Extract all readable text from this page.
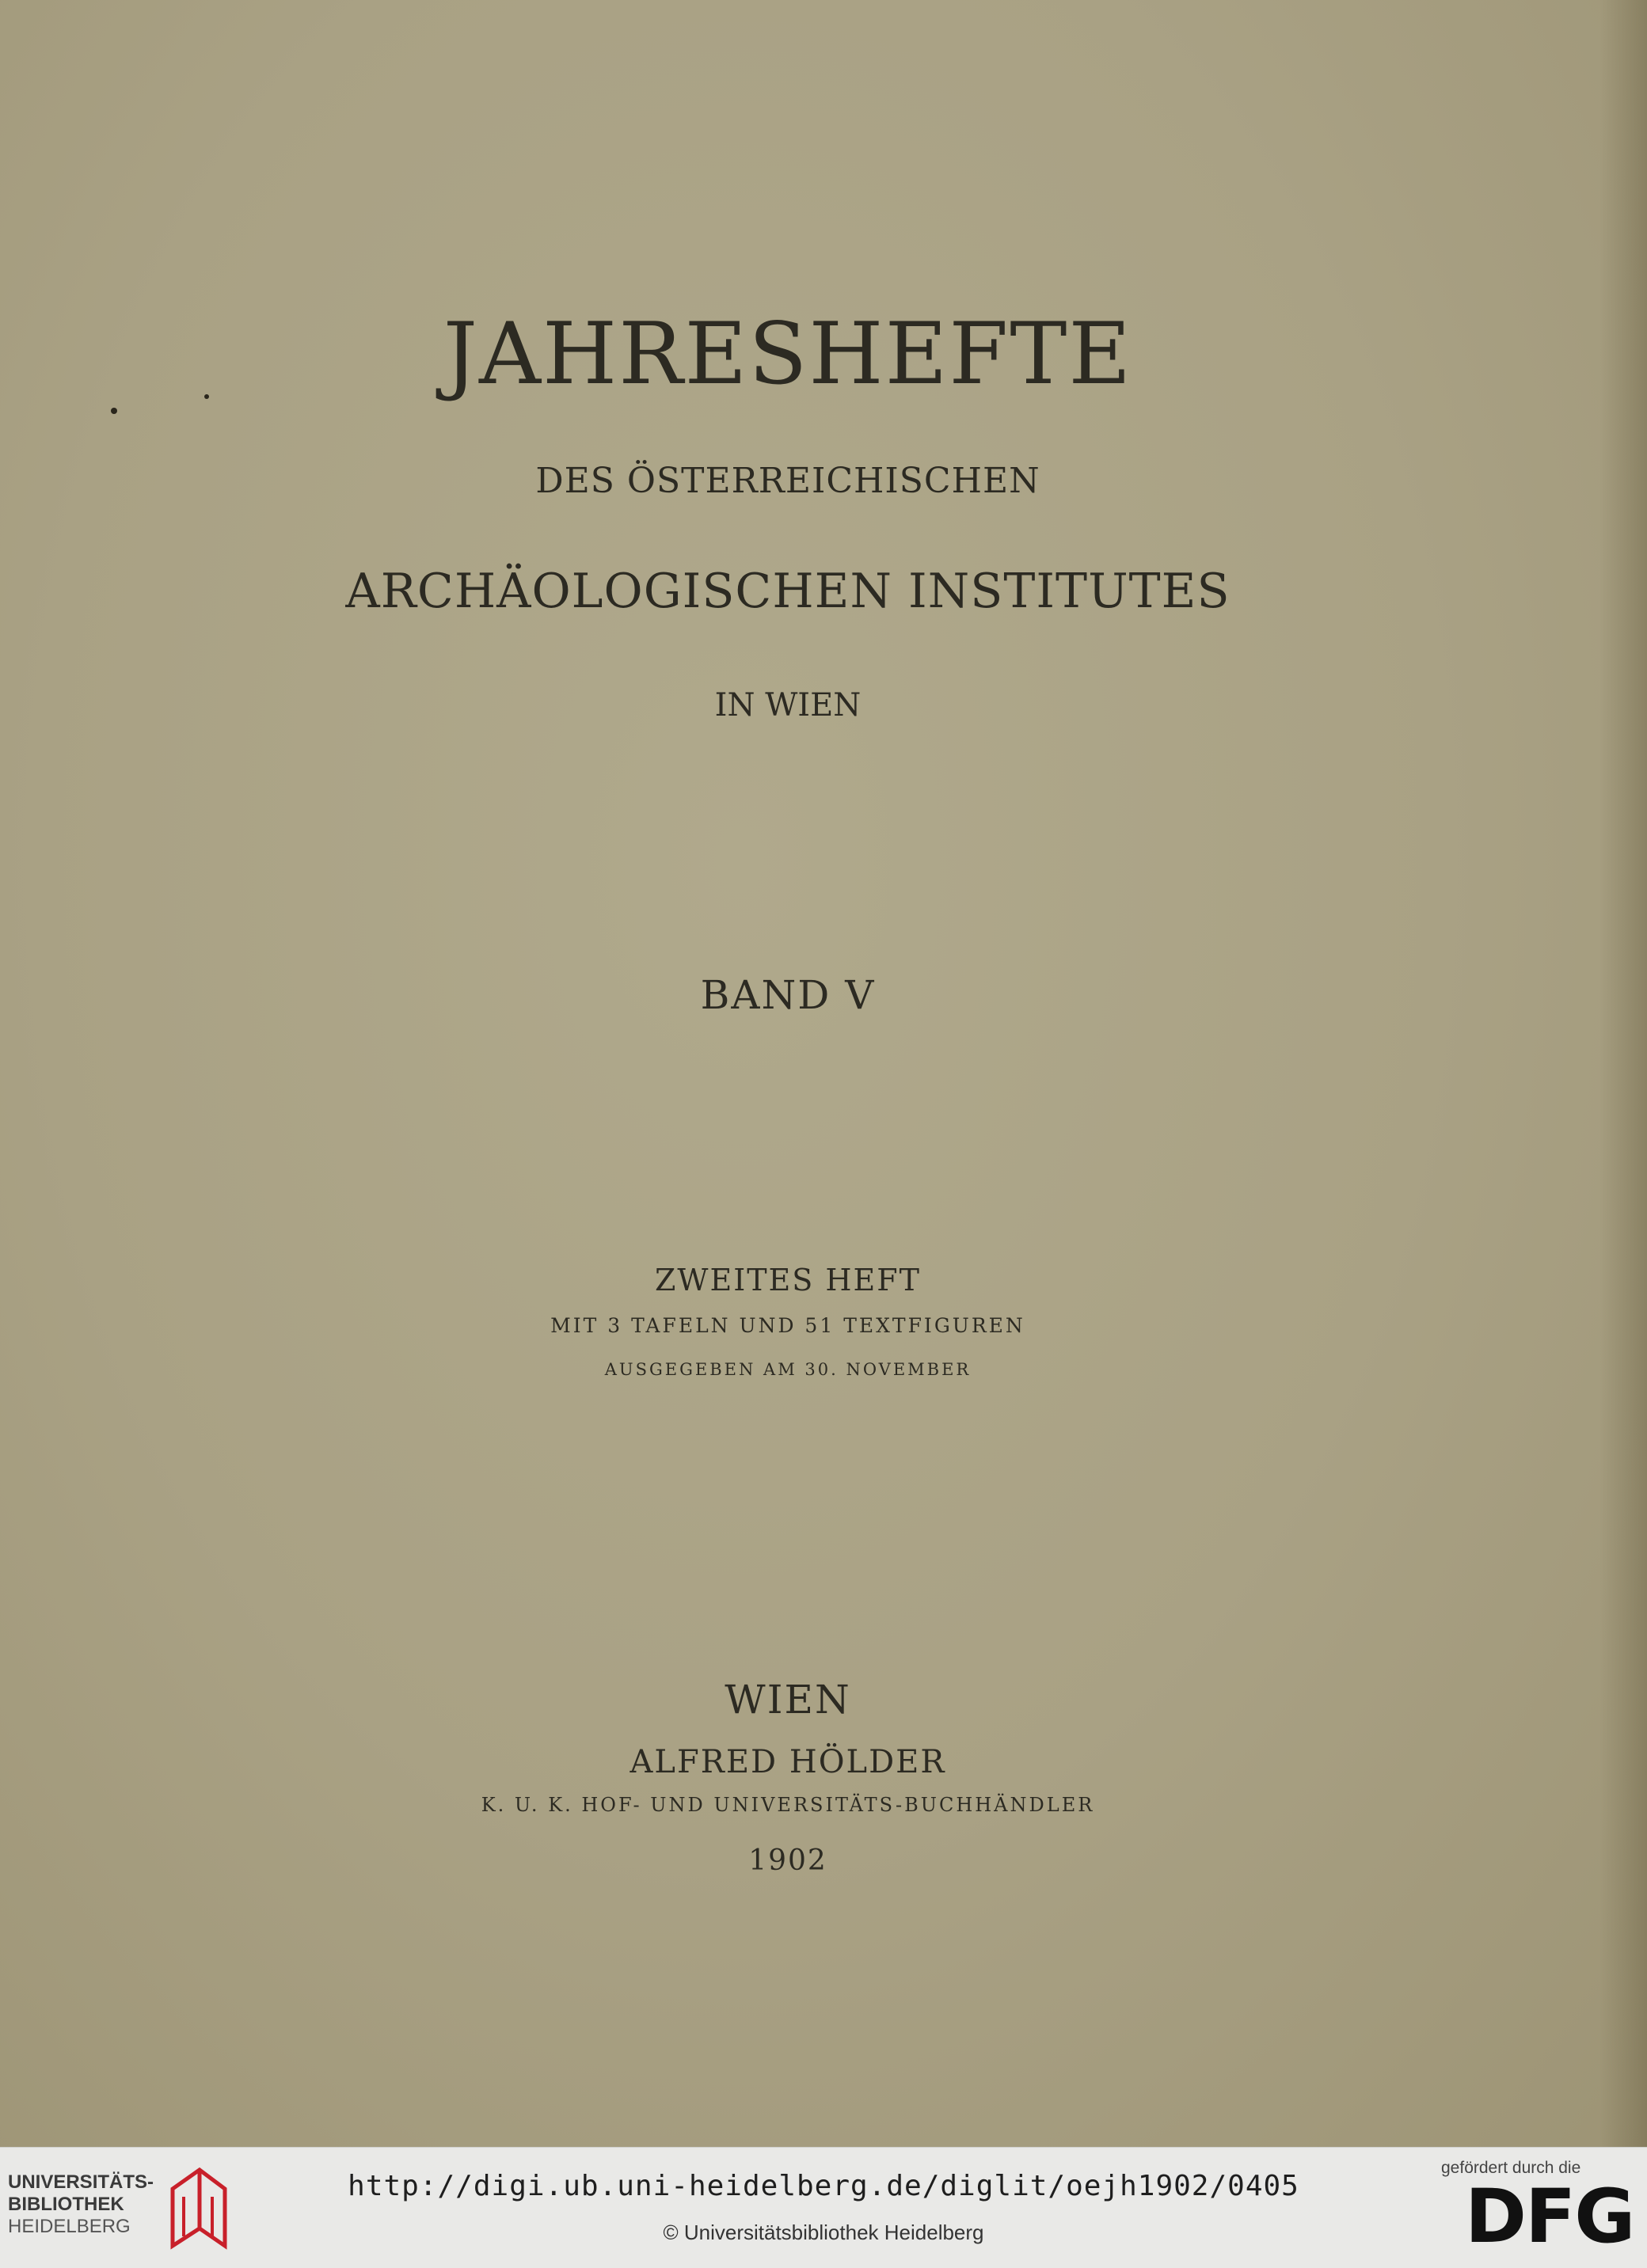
JAHRESHEFTE
DES ÖSTERREICHISCHEN
ARCHÄOLOGISCHEN INSTITUTES
IN WIEN
BAND V
ZWEITES HEFT
MIT 3 TAFELN UND 51 TEXTFIGUREN
AUSGEGEBEN AM 30. NOVEMBER
WIEN
ALFRED HÖLDER
K. U. K. HOF- UND UNIVERSITÄTS-BUCHHÄNDLER
1902
UNIVERSITÄTS-
BIBLIOTHEK
HEIDELBERG
http://digi.ub.uni-heidelberg.de/diglit/oejh1902/0405
© Universitätsbibliothek Heidelberg
gefördert durch die
DFG
